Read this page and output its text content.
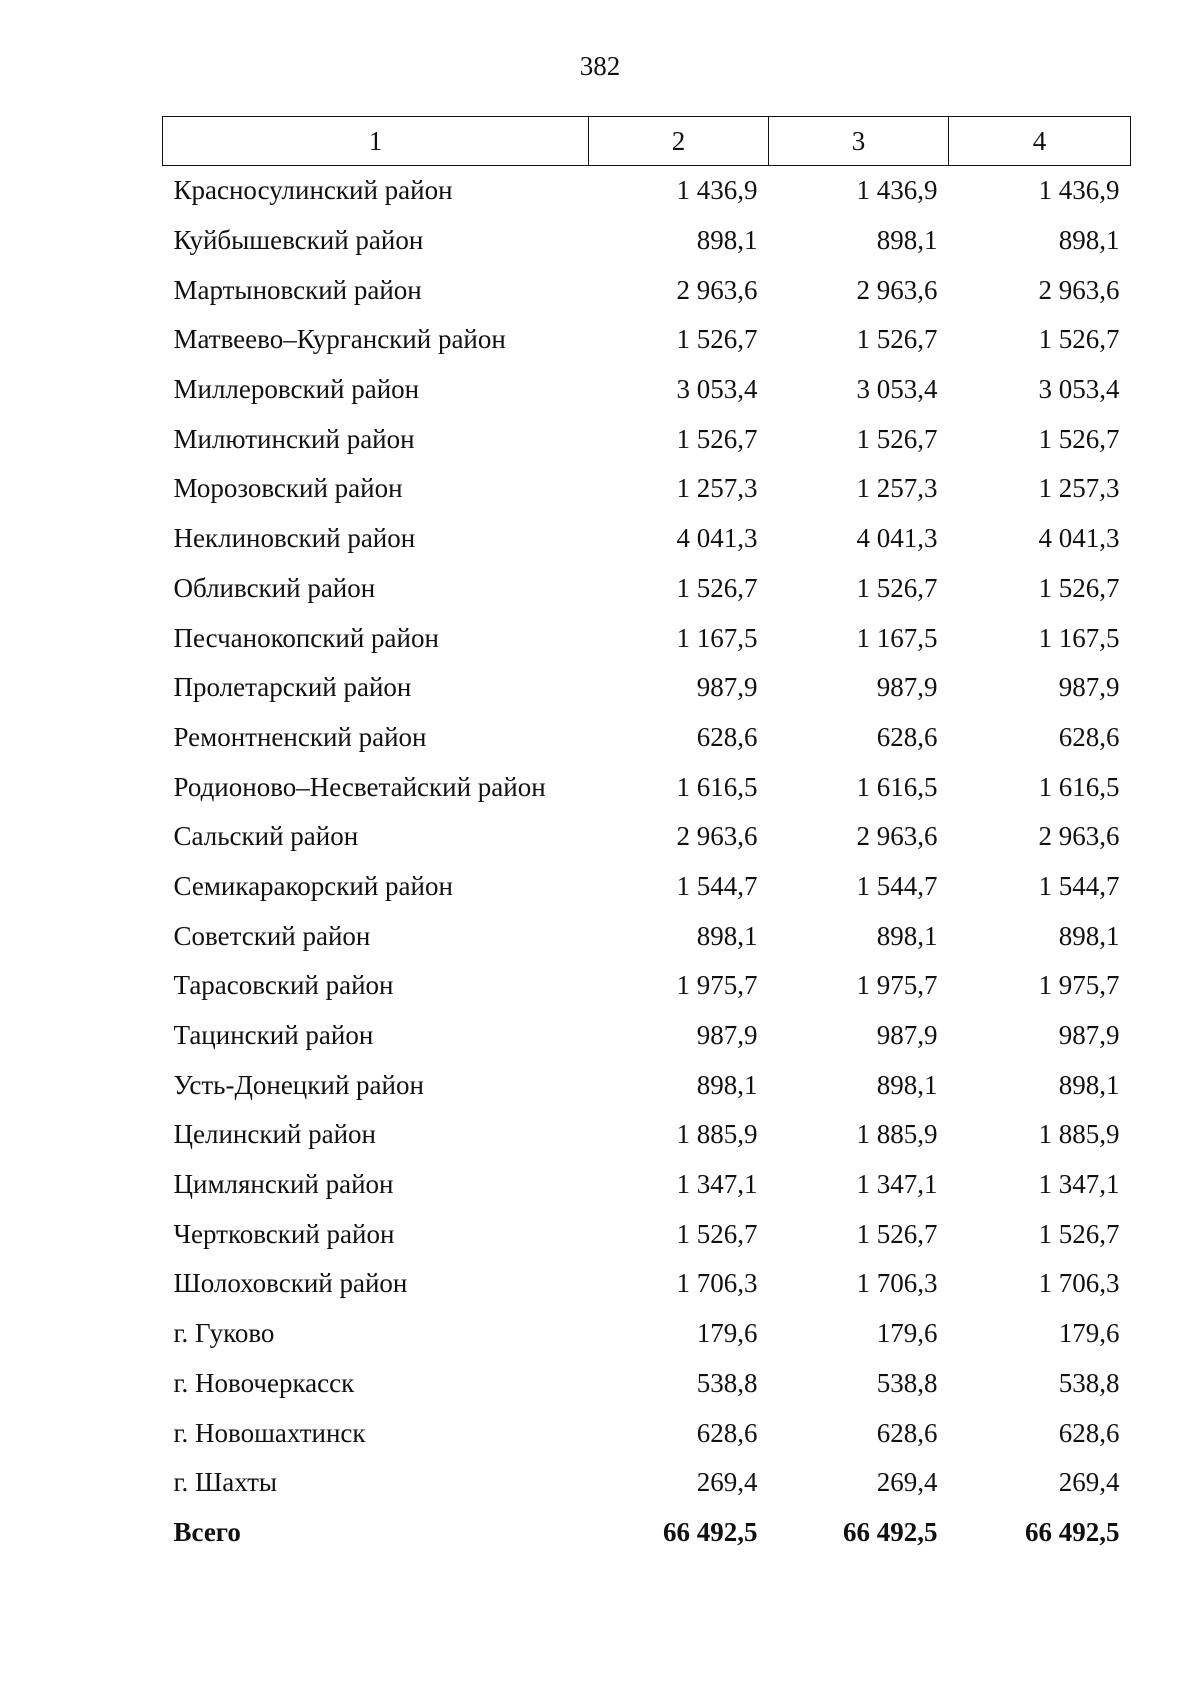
382
1	2	3	4
Красносулинский район	1 436,9	1 436,9	1 436,9
Куйбышевский район	898,1	898,1	898,1
Мартыновский район	2 963,6	2 963,6	2 963,6
Матвеево–Курганский район	1 526,7	1 526,7	1 526,7
Миллеровский район	3 053,4	3 053,4	3 053,4
Милютинский район	1 526,7	1 526,7	1 526,7
Морозовский район	1 257,3	1 257,3	1 257,3
Неклиновский район	4 041,3	4 041,3	4 041,3
Обливский район	1 526,7	1 526,7	1 526,7
Песчанокопский район	1 167,5	1 167,5	1 167,5
Пролетарский район	987,9	987,9	987,9
Ремонтненский район	628,6	628,6	628,6
Родионово–Несветайский район	1 616,5	1 616,5	1 616,5
Сальский район	2 963,6	2 963,6	2 963,6
Семикаракорский район	1 544,7	1 544,7	1 544,7
Советский район	898,1	898,1	898,1
Тарасовский район	1 975,7	1 975,7	1 975,7
Тацинский район	987,9	987,9	987,9
Усть-Донецкий район	898,1	898,1	898,1
Целинский район	1 885,9	1 885,9	1 885,9
Цимлянский район	1 347,1	1 347,1	1 347,1
Чертковский район	1 526,7	1 526,7	1 526,7
Шолоховский район	1 706,3	1 706,3	1 706,3
г. Гуково	179,6	179,6	179,6
г. Новочеркасск	538,8	538,8	538,8
г. Новошахтинск	628,6	628,6	628,6
г. Шахты	269,4	269,4	269,4
Всего	66 492,5	66 492,5	66 492,5
